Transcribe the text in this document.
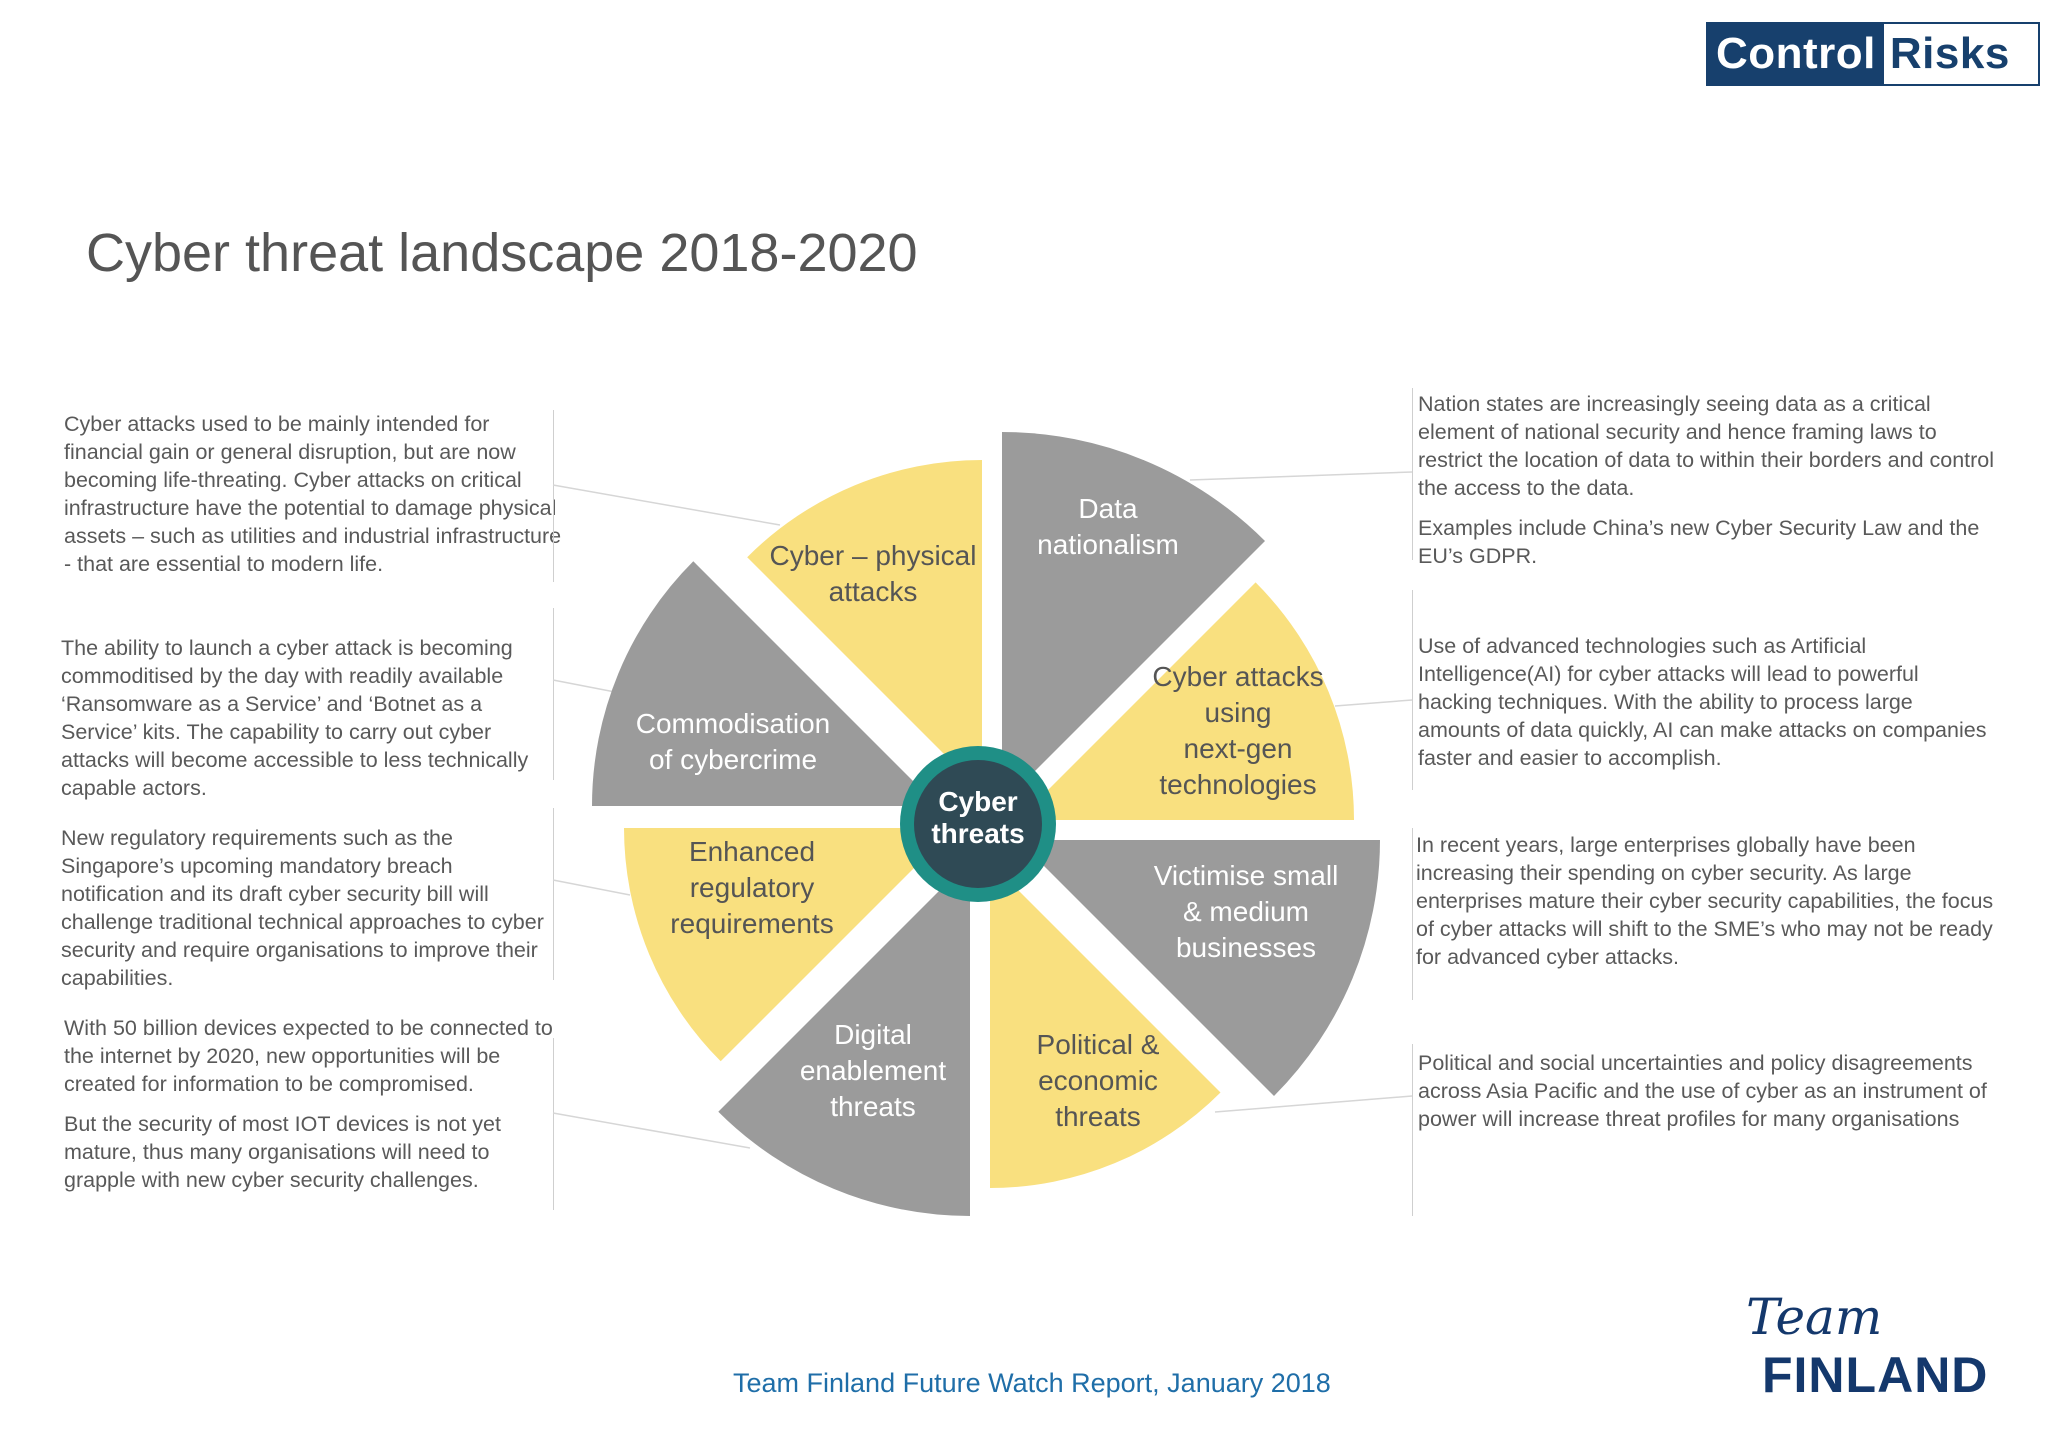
Control Risks
Cyber threat landscape 2018-2020

Cyber attacks used to be mainly intended for financial gain or general disruption, but are now becoming life-threating. Cyber attacks on critical infrastructure have the potential to damage physical assets – such as utilities and industrial infrastructure - that are essential to modern life.

The ability to launch a cyber attack is becoming commoditised by the day with readily available ‘Ransomware as a Service’ and ‘Botnet as a Service’ kits. The capability to carry out cyber attacks will become accessible to less technically capable actors.

New regulatory requirements such as the Singapore’s upcoming mandatory breach notification and its draft cyber security bill will challenge traditional technical approaches to cyber security and require organisations to improve their capabilities.

With 50 billion devices expected to be connected to the internet by 2020, new opportunities will be created for information to be compromised.

But the security of most IOT devices is not yet mature, thus many organisations will need to grapple with new cyber security challenges.

Nation states are increasingly seeing data as a critical element of national security and hence framing laws to restrict the location of data to within their borders and control the access to the data.

Examples include China’s new Cyber Security Law and the EU’s GDPR.

Use of advanced technologies such as Artificial Intelligence(AI) for cyber attacks will lead to powerful hacking techniques. With the ability to process large amounts of data quickly, AI can make attacks on companies faster and easier to accomplish.

In recent years, large enterprises globally have been increasing their spending on cyber security. As large enterprises mature their cyber security capabilities, the focus of cyber attacks will shift to the SME’s who may not be ready for advanced cyber attacks.

Political and social uncertainties and policy disagreements across Asia Pacific and the use of cyber as an instrument of power will increase threat profiles for many organisations

Data
nationalism
Cyber attacks
using
next-gen
technologies
Victimise small
& medium
businesses
Political &
economic
threats
Digital
enablement
threats
Enhanced
regulatory
requirements
Commodisation
of cybercrime
Cyber – physical
attacks
Cyber
threats
Team Finland Future Watch Report, January 2018
Team
FINLAND
